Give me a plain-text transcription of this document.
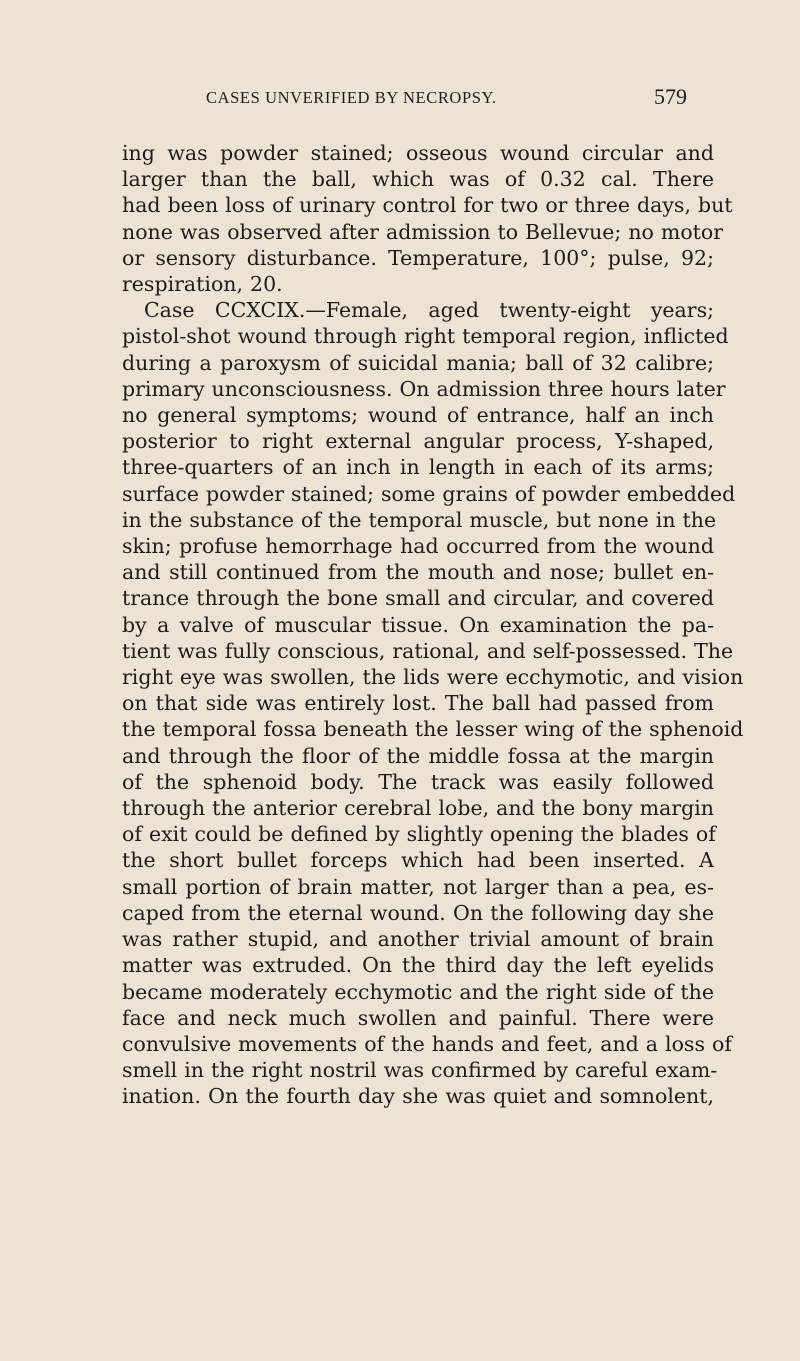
CASES UNVERIFIED BY NECROPSY.	579
ing was powder stained; osseous wound circular and
larger than the ball, which was of 0.32 cal. There
had been loss of urinary control for two or three days, but
none was observed after admission to Bellevue; no motor
or sensory disturbance. Temperature, 100°; pulse, 92;
respiration, 20.
Case CCXCIX.—Female, aged twenty-eight years;
pistol-shot wound through right temporal region, inflicted
during a paroxysm of suicidal mania; ball of 32 calibre;
primary unconsciousness. On admission three hours later
no general symptoms; wound of entrance, half an inch
posterior to right external angular process, Y-shaped,
three-quarters of an inch in length in each of its arms;
surface powder stained; some grains of powder embedded
in the substance of the temporal muscle, but none in the
skin; profuse hemorrhage had occurred from the wound
and still continued from the mouth and nose; bullet en-
trance through the bone small and circular, and covered
by a valve of muscular tissue. On examination the pa-
tient was fully conscious, rational, and self-possessed. The
right eye was swollen, the lids were ecchymotic, and vision
on that side was entirely lost. The ball had passed from
the temporal fossa beneath the lesser wing of the sphenoid
and through the floor of the middle fossa at the margin
of the sphenoid body. The track was easily followed
through the anterior cerebral lobe, and the bony margin
of exit could be defined by slightly opening the blades of
the short bullet forceps which had been inserted. A
small portion of brain matter, not larger than a pea, es-
caped from the eternal wound. On the following day she
was rather stupid, and another trivial amount of brain
matter was extruded. On the third day the left eyelids
became moderately ecchymotic and the right side of the
face and neck much swollen and painful. There were
convulsive movements of the hands and feet, and a loss of
smell in the right nostril was confirmed by careful exam-
ination. On the fourth day she was quiet and somnolent,
